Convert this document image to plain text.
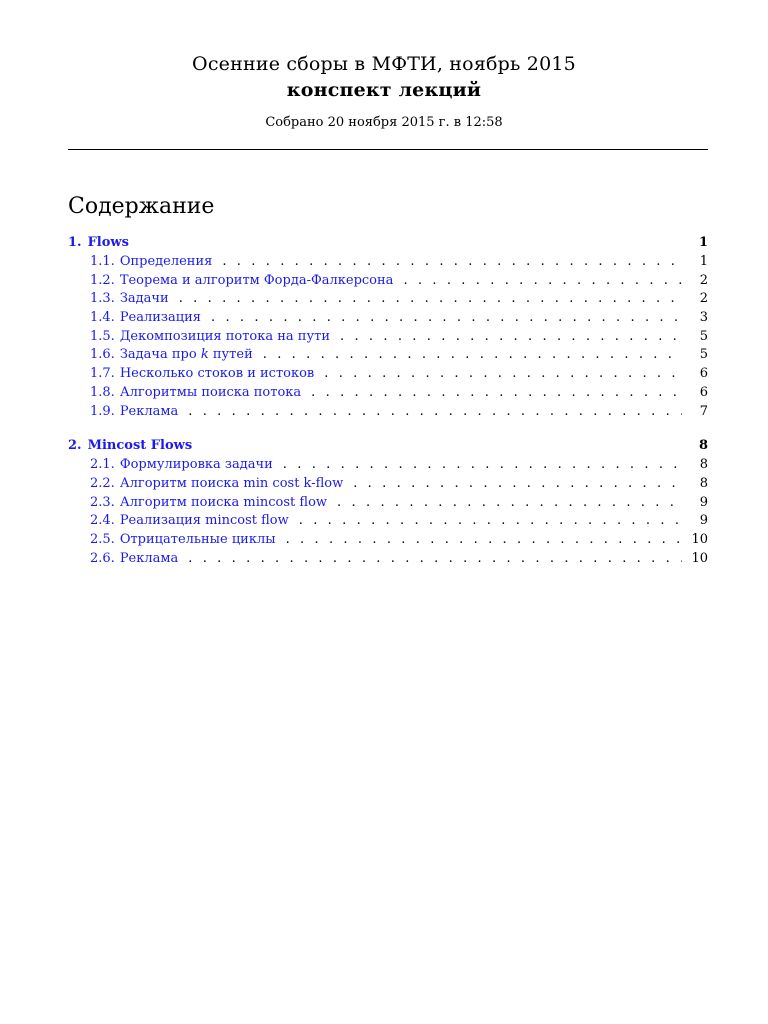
Осенние сборы в МФТИ, ноябрь 2015
конспект лекций
Собрано 20 ноября 2015 г. в 12:58
Содержание
1. Flows	1
1.1. Определения . . .	1
1.2. Теорема и алгоритм Форда-Фалкерсона . . .	2
1.3. Задачи . . .	2
1.4. Реализация . . .	3
1.5. Декомпозиция потока на пути . . .	5
1.6. Задача про k путей . . .	5
1.7. Несколько стоков и истоков . . .	6
1.8. Алгоритмы поиска потока . . .	6
1.9. Реклама . . .	7
2. Mincost Flows	8
2.1. Формулировка задачи . . .	8
2.2. Алгоритм поиска min cost k-flow . . .	8
2.3. Алгоритм поиска mincost flow . . .	9
2.4. Реализация mincost flow . . .	9
2.5. Отрицательные циклы . . .	10
2.6. Реклама . . .	10
